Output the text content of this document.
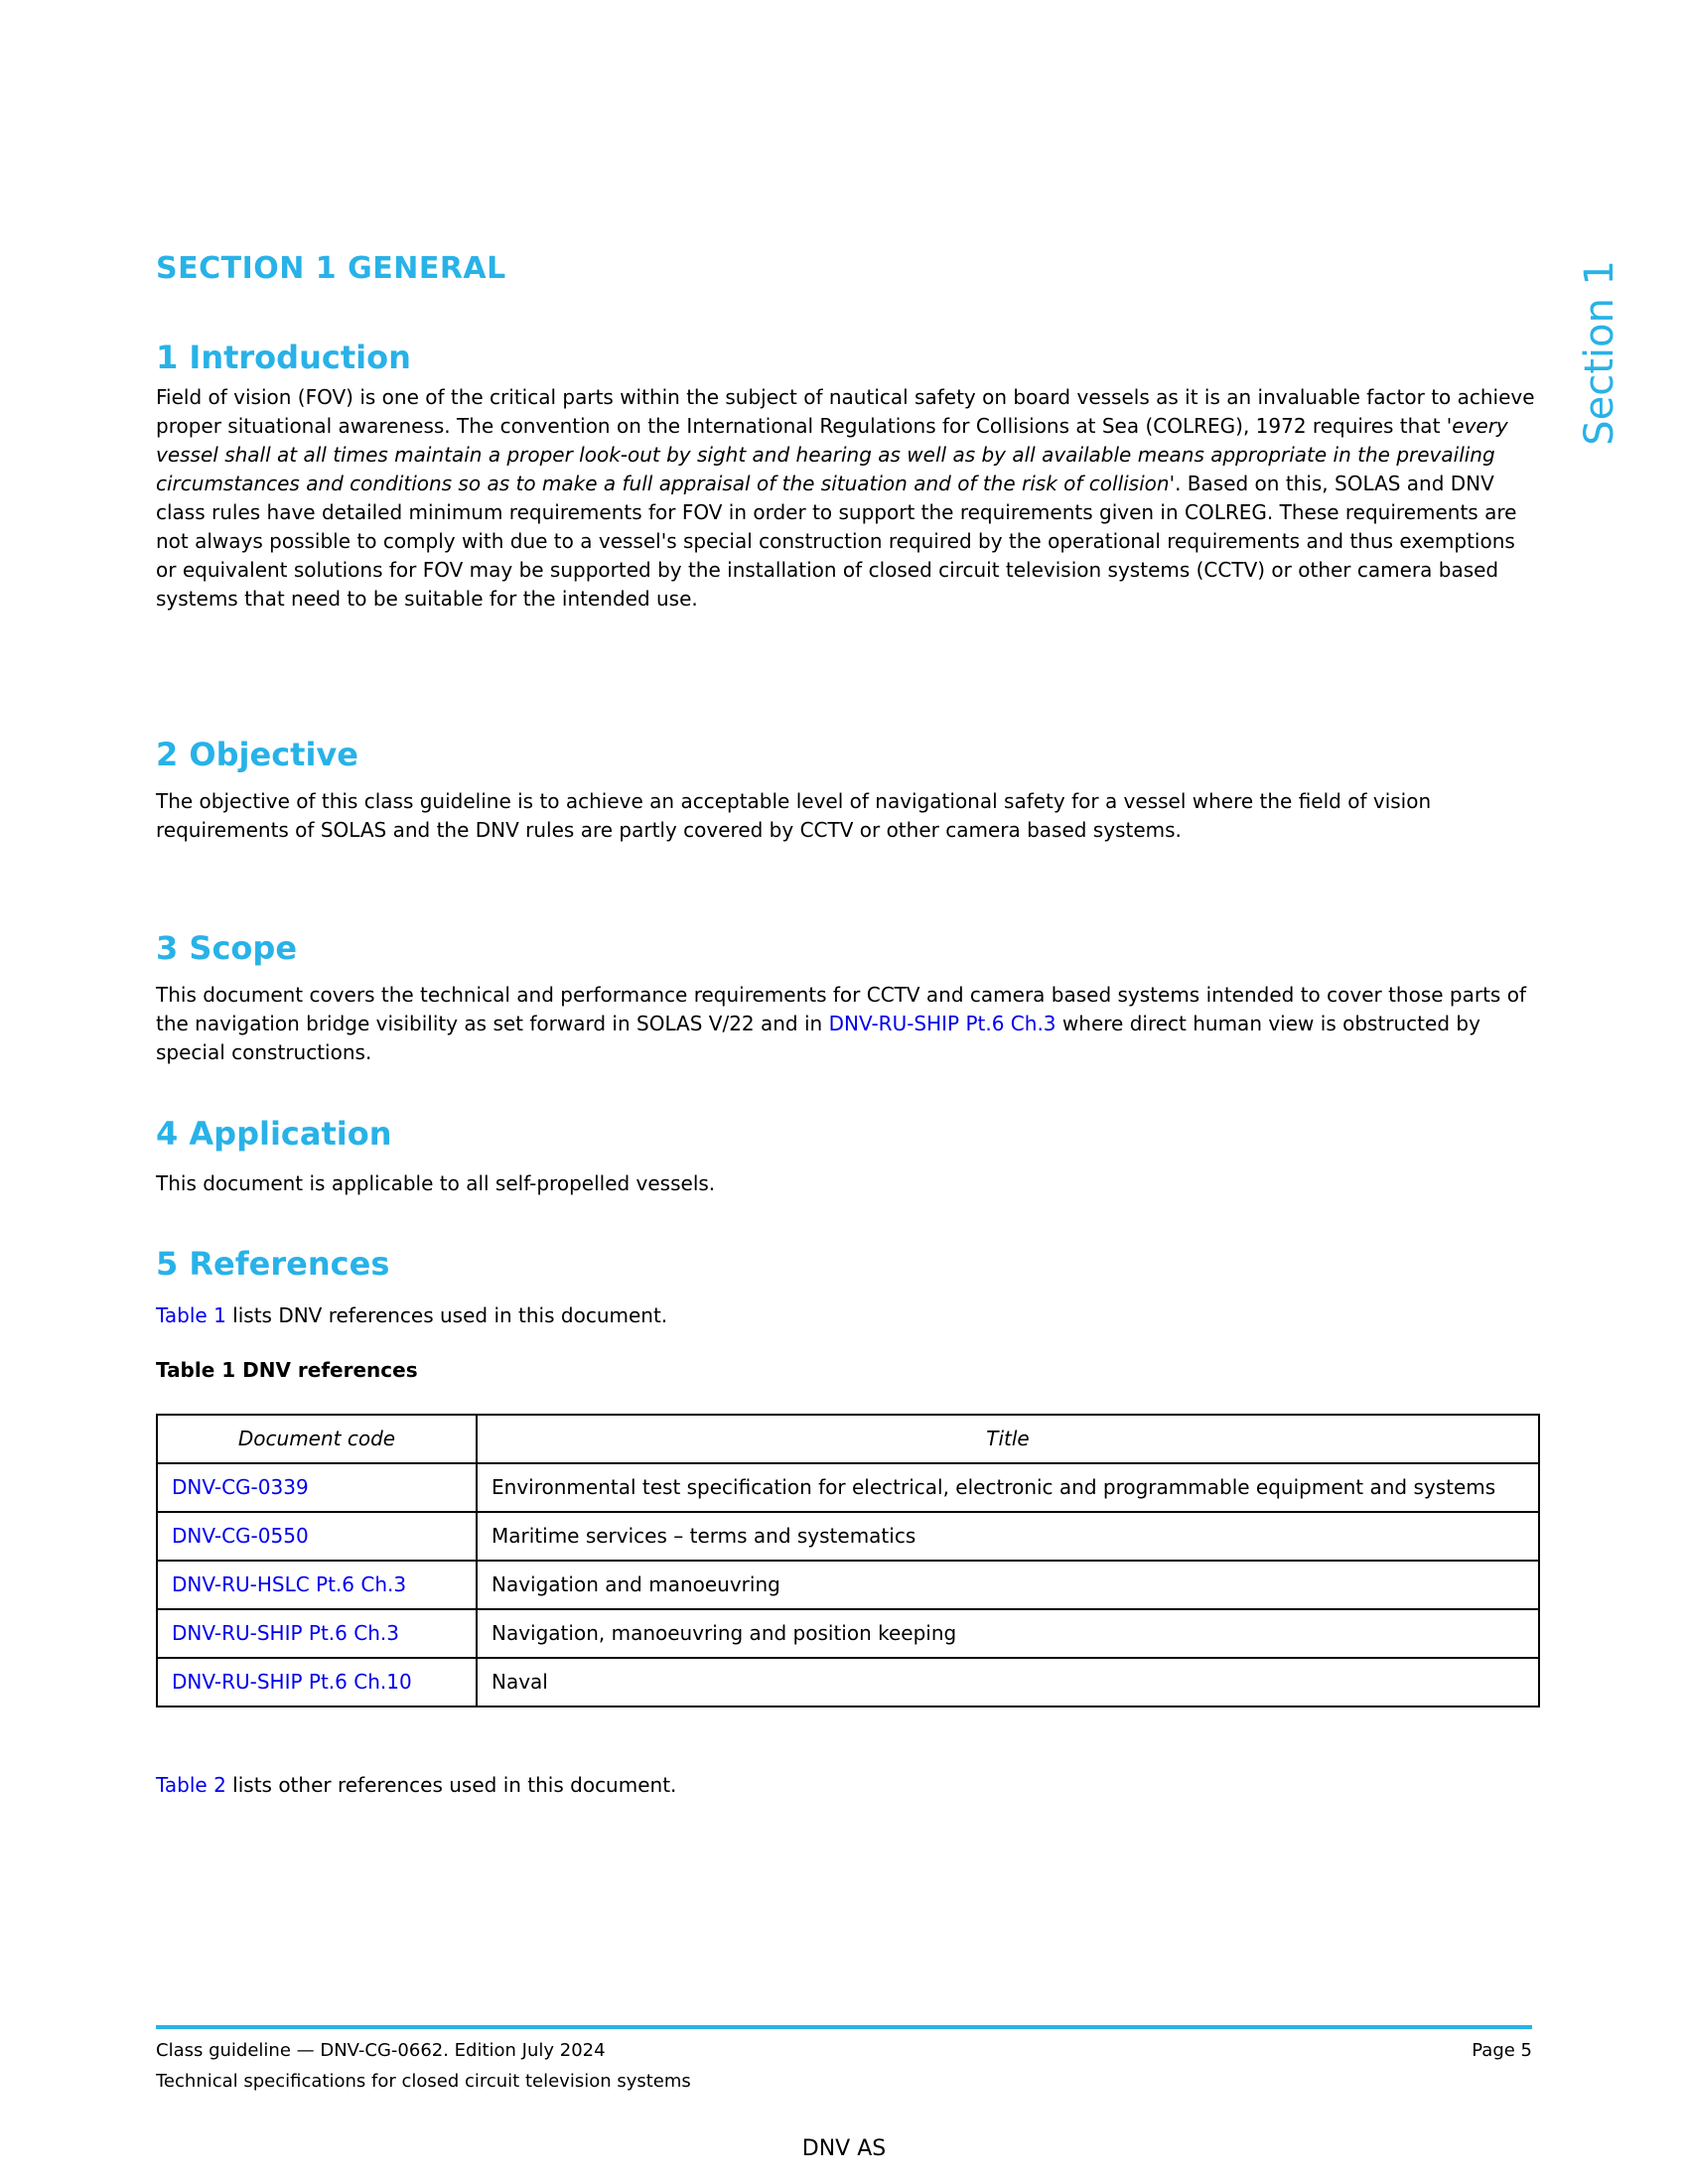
SECTION 1 GENERAL	Section 1
1 Introduction
Field of vision (FOV) is one of the critical parts within the subject of nautical safety on board vessels as it is an invaluable factor to achieve proper situational awareness. The convention on the International Regulations for Collisions at Sea (COLREG), 1972 requires that 'every vessel shall at all times maintain a proper look-out by sight and hearing as well as by all available means appropriate in the prevailing circumstances and conditions so as to make a full appraisal of the situation and of the risk of collision'. Based on this, SOLAS and DNV class rules have detailed minimum requirements for FOV in order to support the requirements given in COLREG. These requirements are not always possible to comply with due to a vessel's special construction required by the operational requirements and thus exemptions or equivalent solutions for FOV may be supported by the installation of closed circuit television systems (CCTV) or other camera based systems that need to be suitable for the intended use.
2 Objective
The objective of this class guideline is to achieve an acceptable level of navigational safety for a vessel where the field of vision requirements of SOLAS and the DNV rules are partly covered by CCTV or other camera based systems.
3 Scope
This document covers the technical and performance requirements for CCTV and camera based systems intended to cover those parts of the navigation bridge visibility as set forward in SOLAS V/22 and in DNV-RU-SHIP Pt.6 Ch.3 where direct human view is obstructed by special constructions.
4 Application
This document is applicable to all self-propelled vessels.
5 References
Table 1 lists DNV references used in this document.
Table 1 DNV references
Document code	Title
DNV-CG-0339	Environmental test specification for electrical, electronic and programmable equipment and systems
DNV-CG-0550	Maritime services – terms and systematics
DNV-RU-HSLC Pt.6 Ch.3	Navigation and manoeuvring
DNV-RU-SHIP Pt.6 Ch.3	Navigation, manoeuvring and position keeping
DNV-RU-SHIP Pt.6 Ch.10	Naval
Table 2 lists other references used in this document.
Class guideline — DNV-CG-0662. Edition July 2024
Technical specifications for closed circuit television systems
Page 5
DNV AS
